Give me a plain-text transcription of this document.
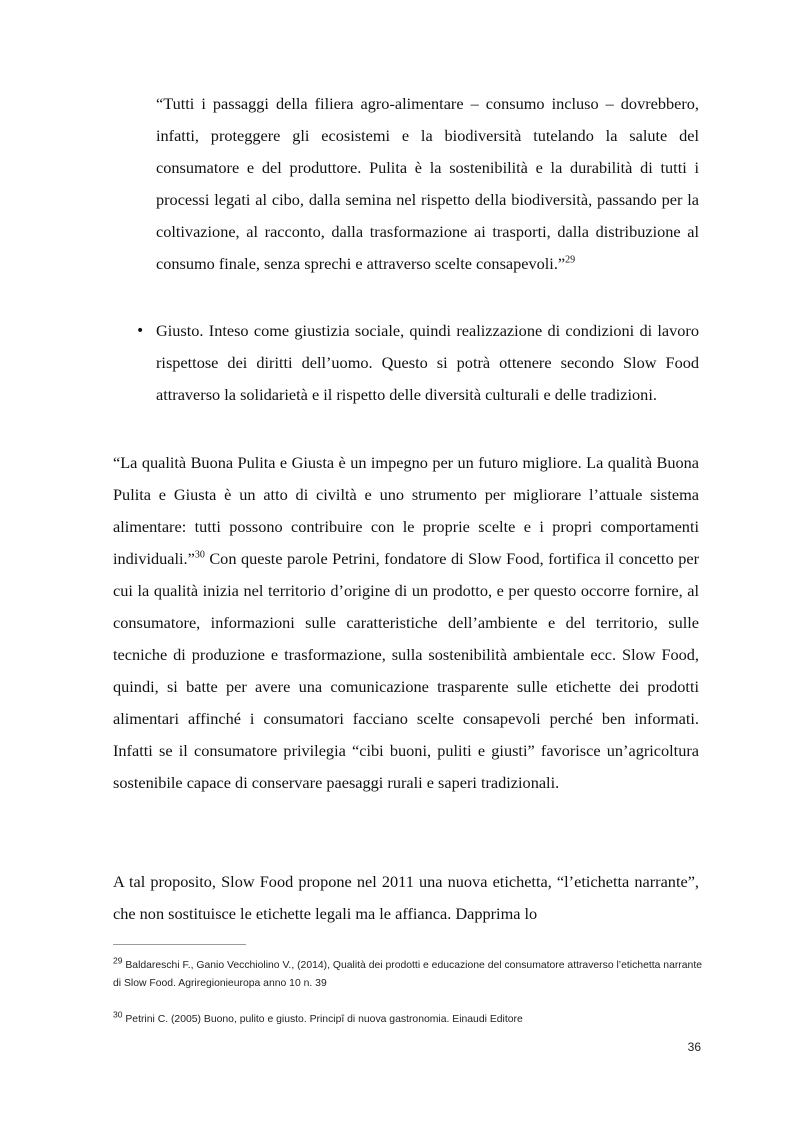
“Tutti i passaggi della filiera agro-alimentare – consumo incluso – dovrebbero, infatti, proteggere gli ecosistemi e la biodiversità tutelando la salute del consumatore e del produttore. Pulita è la sostenibilità e la durabilità di tutti i processi legati al cibo, dalla semina nel rispetto della biodiversità, passando per la coltivazione, al racconto, dalla trasformazione ai trasporti, dalla distribuzione al consumo finale, senza sprechi e attraverso scelte consapevoli.”$^{29}$
• Giusto. Inteso come giustizia sociale, quindi realizzazione di condizioni di lavoro rispettose dei diritti dell’uomo. Questo si potrà ottenere secondo Slow Food attraverso la solidarietà e il rispetto delle diversità culturali e delle tradizioni.
“La qualità Buona Pulita e Giusta è un impegno per un futuro migliore. La qualità Buona Pulita e Giusta è un atto di civiltà e uno strumento per migliorare l’attuale sistema alimentare: tutti possono contribuire con le proprie scelte e i propri comportamenti individuali.”$^{30}$ Con queste parole Petrini, fondatore di Slow Food, fortifica il concetto per cui la qualità inizia nel territorio d’origine di un prodotto, e per questo occorre fornire, al consumatore, informazioni sulle caratteristiche dell’ambiente e del territorio, sulle tecniche di produzione e trasformazione, sulla sostenibilità ambientale ecc. Slow Food, quindi, si batte per avere una comunicazione trasparente sulle etichette dei prodotti alimentari affinché i consumatori facciano scelte consapevoli perché ben informati. Infatti se il consumatore privilegia “cibi buoni, puliti e giusti” favorisce un’agricoltura sostenibile capace di conservare paesaggi rurali e saperi tradizionali.
A tal proposito, Slow Food propone nel 2011 una nuova etichetta, “l’etichetta narrante”, che non sostituisce le etichette legali ma le affianca. Dapprima lo
$^{29}$ Baldareschi F., Ganio Vecchiolino V., (2014), Qualità dei prodotti e educazione del consumatore attraverso l’etichetta narrante di Slow Food. Agriregionieuropa anno 10 n. 39
$^{30}$ Petrini C. (2005) Buono, pulito e giusto. Principî di nuova gastronomia. Einaudi Editore
36
